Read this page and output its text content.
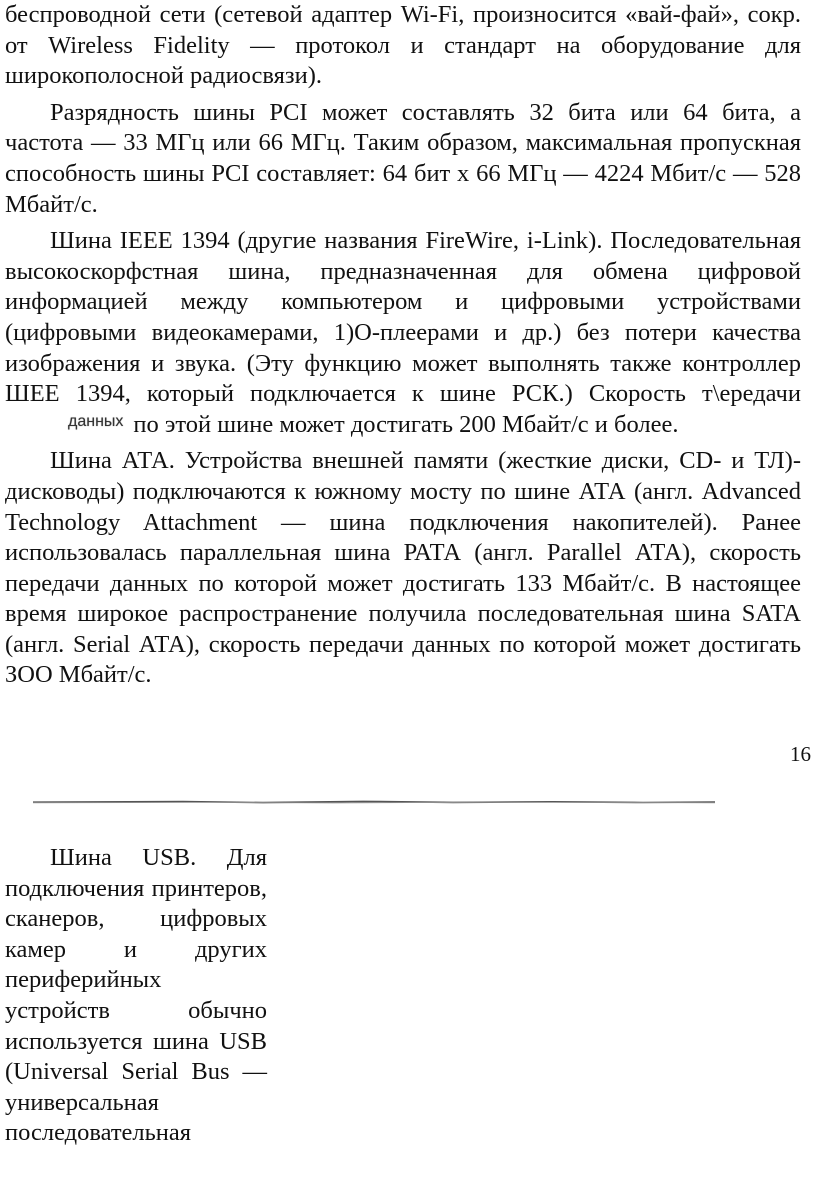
беспроводной сети (сетевой адаптер Wi-Fi, произносится «вай-фай», сокр. от Wireless Fidelity — протокол и стандарт на оборудование для широкополосной радиосвязи).

Разрядность шины PCI может составлять 32 бита или 64 бита, а частота — 33 МГц или 66 МГц. Таким образом, максимальная пропускная способность шины PCI составляет: 64 бит х 66 МГц — 4224 Мбит/с — 528 Мбайт/с.

Шина IEEE 1394 (другие названия FireWire, i-Link). Последовательная высокоскорфстная шина, предназначенная для обмена цифровой информацией между компьютером и цифровыми устройствами (цифровыми видеокамерами, 1)О-плеерами и др.) без потери качества изображения и звука. (Эту функцию может выполнять также контроллер ШЕЕ 1394, который подключается к шине РСК.) Скорость т\ередачиданных по этой шине может достигать 200 Мбайт/с и более.

Шина АТА. Устройства внешней памяти (жесткие диски, CD- и ТЛ)-дисководы) подключаются к южному мосту по шине АТА (англ. Advanced Technology Attachment — шина подключения накопителей). Ранее использовалась параллельная шина РАТА (англ. Parallel АТА), скорость передачи данных по которой может достигать 133 Мбайт/с. В настоящее время широкое распространение получила последовательная шина SATA (англ. Serial АТА), скорость передачи данных по которой может достигать ЗОО Мбайт/с.

16

Шина USB. Для подключения принтеров, сканеров, цифровых камер и других периферийных устройств обычно используется шина USB (Universal Serial Bus — универсальная последовательная
